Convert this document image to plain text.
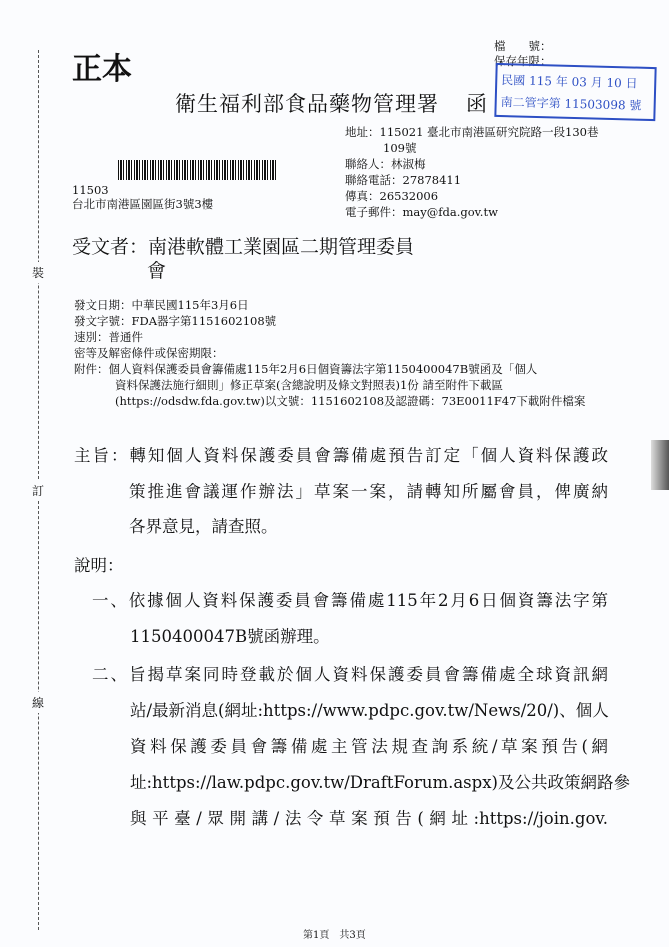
裝
訂
線
正本
衛生福利部食品藥物管理署 函
檔　　號：
保存年限：
民國 115 年 03 月 10 日
南二管字第 11503098 號
地址：115021 臺北市南港區研究院路一段130巷
109號
聯絡人：林淑梅
聯絡電話：27878411
傳真：26532006
電子郵件：may@fda.gov.tw
11503
台北市南港區園區街3號3樓
受文者：南港軟體工業園區二期管理委員
會
發文日期：中華民國115年3月6日
發文字號：FDA器字第1151602108號
速別：普通件
密等及解密條件或保密期限：
附件：個人資料保護委員會籌備處115年2月6日個資籌法字第1150400047B號函及「個人
資料保護法施行細則」修正草案(含總說明及條文對照表)1份 請至附件下載區
(https://odsdw.fda.gov.tw)以文號：1151602108及認證碼：73E0011F47下載附件檔案
主旨：轉知個人資料保護委員會籌備處預告訂定「個人資料保護政
策推進會議運作辦法」草案一案，請轉知所屬會員，俾廣納
各界意見，請查照。
說明：
一、依據個人資料保護委員會籌備處115年2月6日個資籌法字第
1150400047B號函辦理。
二、旨揭草案同時登載於個人資料保護委員會籌備處全球資訊網
站/最新消息(網址:https://www.pdpc.gov.tw/News/20/)、個人
資料保護委員會籌備處主管法規查詢系統/草案預告(網
址:https://law.pdpc.gov.tw/DraftForum.aspx)及公共政策網路參
與平臺/眾開講/法令草案預告(網址:https://join.gov.
第1頁　共3頁
